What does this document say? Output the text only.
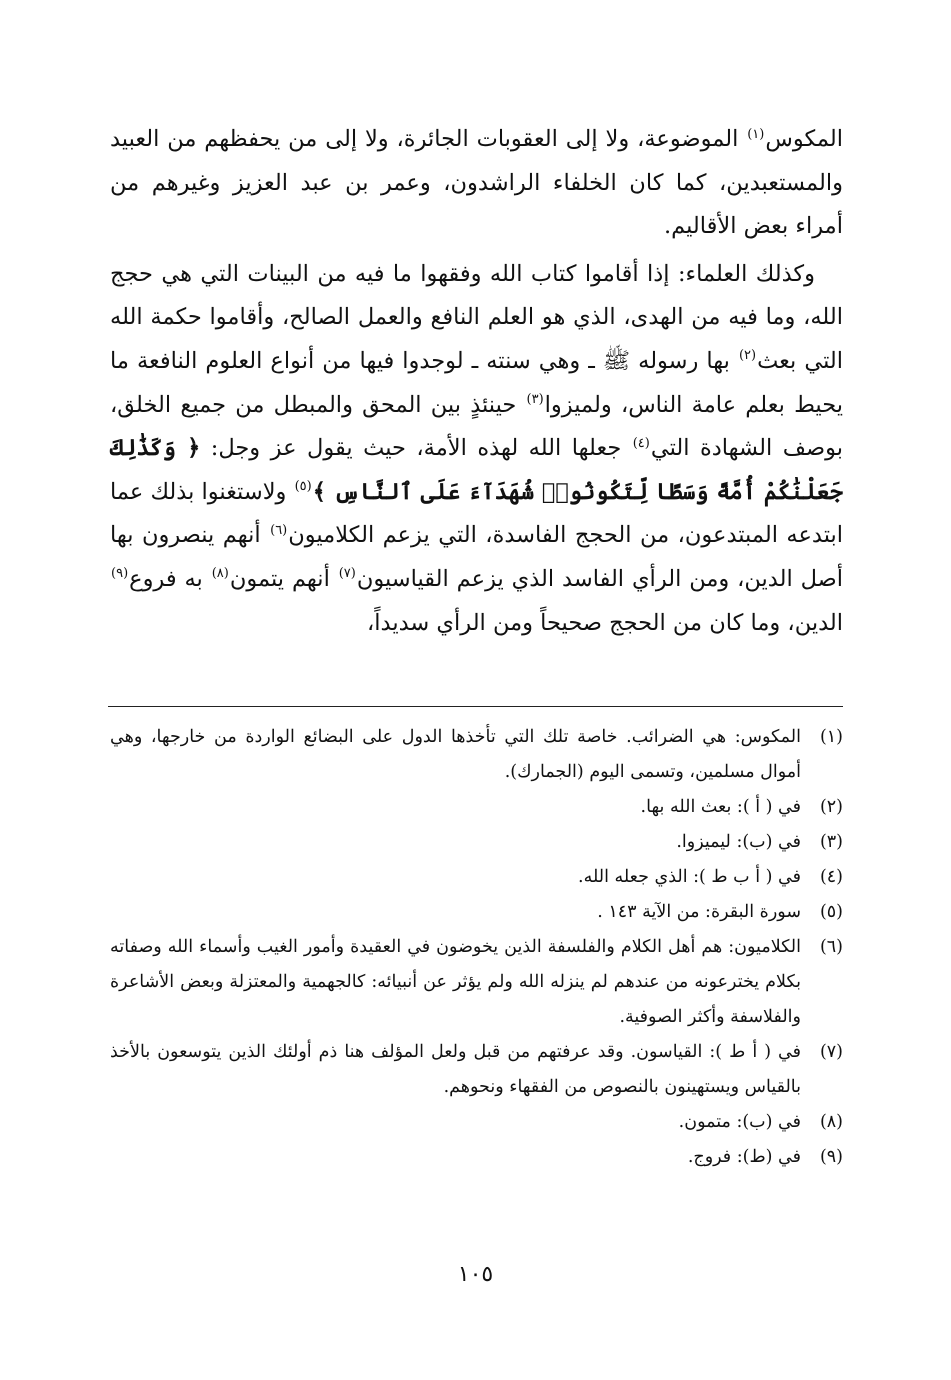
المكوس$^{(١)}$ الموضوعة، ولا إلى العقوبات الجائرة، ولا إلى من يحفظهم من العبيد والمستعبدين، كما كان الخلفاء الراشدون، وعمر بن عبد العزيز وغيرهم من أمراء بعض الأقاليم.

وكذلك العلماء: إذا أقاموا كتاب الله وفقهوا ما فيه من البينات التي هي حجج الله، وما فيه من الهدى، الذي هو العلم النافع والعمل الصالح، وأقاموا حكمة الله التي بعث$^{(٢)}$ بها رسوله ﷺ ـ وهي سنته ـ لوجدوا فيها من أنواع العلوم النافعة ما يحيط بعلم عامة الناس، ولميزوا$^{(٣)}$ حينئذٍ بين المحق والمبطل من جميع الخلق، بوصف الشهادة التي$^{(٤)}$ جعلها الله لهذه الأمة، حيث يقول عز وجل: ﴿ وَكَذَٰلِكَ جَعَلْنَٰكُمْ أُمَّةً وَسَطًا لِّتَكُونُوا۟ شُهَدَآءَ عَلَى ٱلنَّاسِ ﴾$^{(٥)}$ ولاستغنوا بذلك عما ابتدعه المبتدعون، من الحجج الفاسدة، التي يزعم الكلاميون$^{(٦)}$ أنهم ينصرون بها أصل الدين، ومن الرأي الفاسد الذي يزعم القياسيون$^{(٧)}$ أنهم يتمون$^{(٨)}$ به فروع$^{(٩)}$ الدين، وما كان من الحجج صحيحاً ومن الرأي سديداً،

(١)
المكوس: هي الضرائب. خاصة تلك التي تأخذها الدول على البضائع الواردة من خارجها، وهي أموال مسلمين، وتسمى اليوم (الجمارك).
(٢)
في ( أ ): بعث الله بها.
(٣)
في (ب): ليميزوا.
(٤)
في ( أ ب ط ): الذي جعله الله.
(٥)
سورة البقرة: من الآية ١٤٣ .
(٦)
الكلاميون: هم أهل الكلام والفلسفة الذين يخوضون في العقيدة وأمور الغيب وأسماء الله وصفاته بكلام يخترعونه من عندهم لم ينزله الله ولم يؤثر عن أنبيائه: كالجهمية والمعتزلة وبعض الأشاعرة والفلاسفة وأكثر الصوفية.
(٧)
في ( أ ط ): القياسون. وقد عرفتهم من قبل ولعل المؤلف هنا ذم أولئك الذين يتوسعون بالأخذ بالقياس ويستهينون بالنصوص من الفقهاء ونحوهم.
(٨)
في (ب): متمون.
(٩)
في (ط): فروج.
١٠٥
